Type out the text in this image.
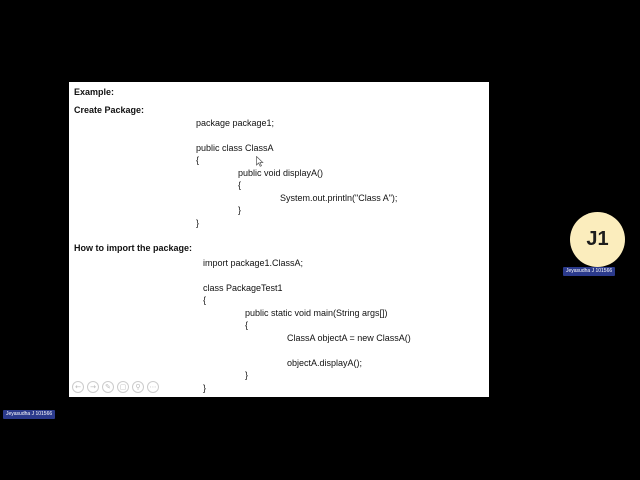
Example:
Create Package:
package package1;
public class ClassA
{
public void displayA()
{
System.out.println("Class A");
}
}
How to import the package:
import package1.ClassA;
class PackageTest1
{
public static void main(String args[])
{
ClassA objectA = new ClassA()
objectA.displayA();
}
}
←	→	✎	▢	⚲	⋯
J1
Jeyasudha J 101566
Jeyasudha J 101566
